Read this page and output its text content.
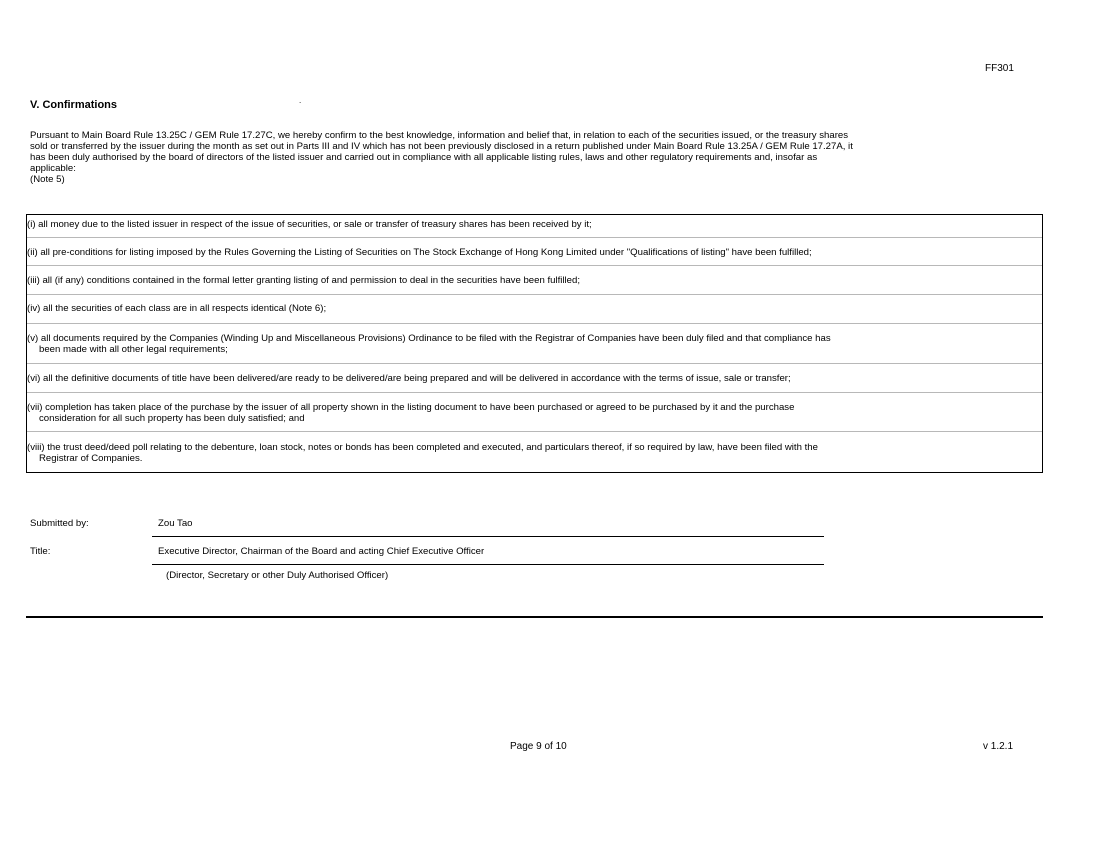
FF301
.
V. Confirmations
Pursuant to Main Board Rule 13.25C / GEM Rule 17.27C, we hereby confirm to the best knowledge, information and belief that, in relation to each of the securities issued, or the treasury shares
sold or transferred by the issuer during the month as set out in Parts III and IV which has not been previously disclosed in a return published under Main Board Rule 13.25A / GEM Rule 17.27A, it
has been duly authorised by the board of directors of the listed issuer and carried out in compliance with all applicable listing rules, laws and other regulatory requirements and, insofar as
applicable:
(Note 5)
(i) all money due to the listed issuer in respect of the issue of securities, or sale or transfer of treasury shares has been received by it;
(ii) all pre-conditions for listing imposed by the Rules Governing the Listing of Securities on The Stock Exchange of Hong Kong Limited under "Qualifications of listing" have been fulfilled;
(iii) all (if any) conditions contained in the formal letter granting listing of and permission to deal in the securities have been fulfilled;
(iv) all the securities of each class are in all respects identical (Note 6);
(v) all documents required by the Companies (Winding Up and Miscellaneous Provisions) Ordinance to be filed with the Registrar of Companies have been duly filed and that compliance has
been made with all other legal requirements;
(vi) all the definitive documents of title have been delivered/are ready to be delivered/are being prepared and will be delivered in accordance with the terms of issue, sale or transfer;
(vii) completion has taken place of the purchase by the issuer of all property shown in the listing document to have been purchased or agreed to be purchased by it and the purchase
consideration for all such property has been duly satisfied; and
(viii) the trust deed/deed poll relating to the debenture, loan stock, notes or bonds has been completed and executed, and particulars thereof, if so required by law, have been filed with the
Registrar of Companies.
Submitted by:	Zou Tao
Title:	Executive Director, Chairman of the Board and acting Chief Executive Officer
(Director, Secretary or other Duly Authorised Officer)
Page 9 of 10	v 1.2.1
